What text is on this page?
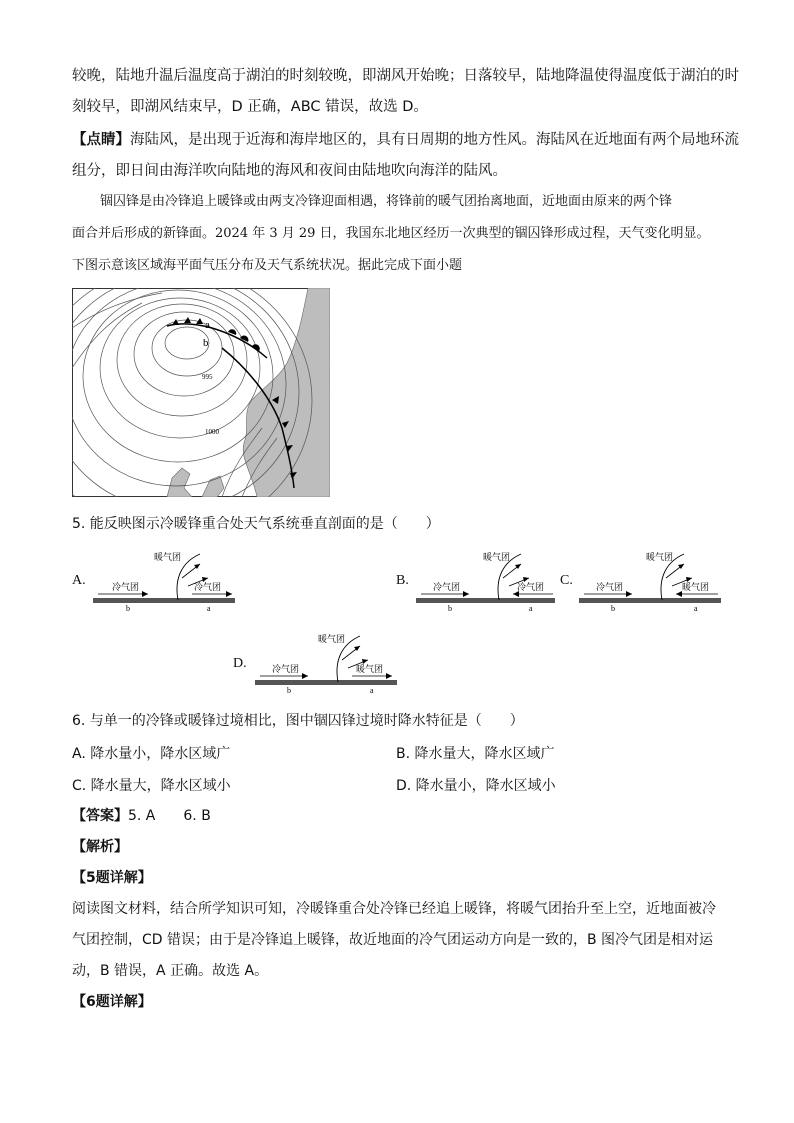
较晚，陆地升温后温度高于湖泊的时刻较晚，即湖风开始晚；日落较早，陆地降温使得温度低于湖泊的时
刻较早，即湖风结束早，D 正确，ABC 错误，故选 D。
【点睛】海陆风，是出现于近海和海岸地区的，具有日周期的地方性风。海陆风在近地面有两个局地环流
组分，即日间由海洋吹向陆地的海风和夜间由陆地吹向海洋的陆风。
锢囚锋是由冷锋追上暖锋或由两支冷锋迎面相遇，将锋前的暖气团抬离地面，近地面由原来的两个锋
面合并后形成的新锋面。2024 年 3 月 29 日，我国东北地区经历一次典型的锢囚锋形成过程，天气变化明显。
下图示意该区域海平面气压分布及天气系统状况。据此完成下面小题
a
b
995
1000
5. 能反映图示冷暖锋重合处天气系统垂直剖面的是（　　）
A.
暖气团
冷气团	冷气团
b	a
B.
暖气团
冷气团	冷气团
b	a
C.
暖气团
冷气团	暖气团
b	a
D.
暖气团
冷气团	暖气团
b	a
6. 与单一的冷锋或暖锋过境相比，图中锢囚锋过境时降水特征是（　　）
A. 降水量小，降水区域广	B. 降水量大，降水区域广
C. 降水量大，降水区域小	D. 降水量小，降水区域小
【答案】5. A 6. B
【解析】
【5题详解】
阅读图文材料，结合所学知识可知，冷暖锋重合处冷锋已经追上暖锋，将暖气团抬升至上空，近地面被冷
气团控制，CD 错误；由于是冷锋追上暖锋，故近地面的冷气团运动方向是一致的，B 图冷气团是相对运
动，B 错误，A 正确。故选 A。
【6题详解】
